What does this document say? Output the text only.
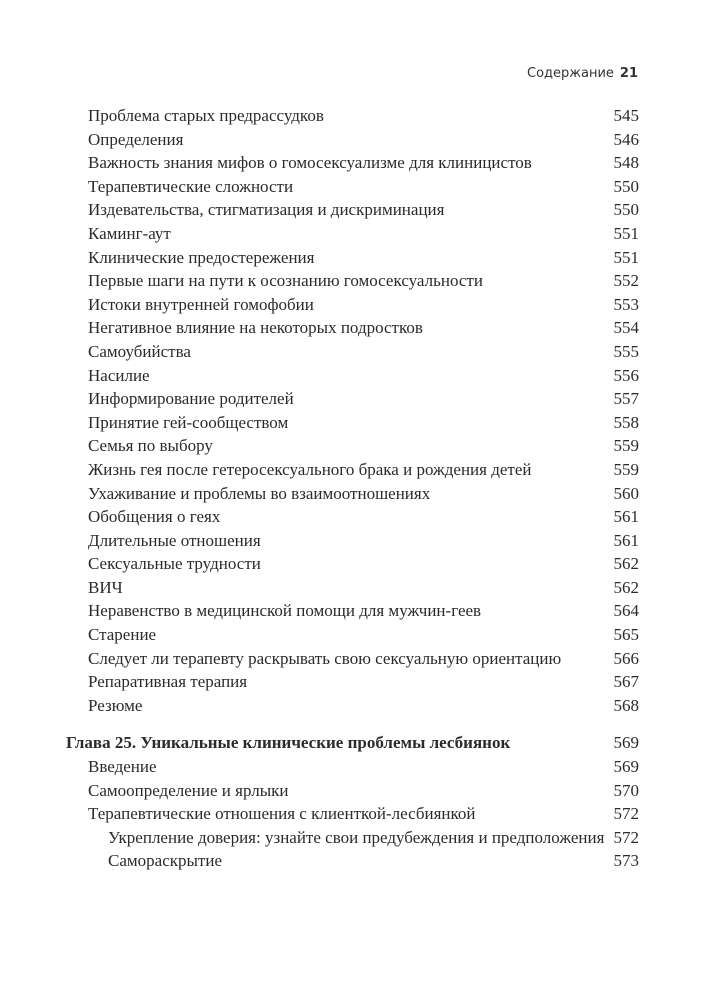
Содержание 21
Проблема старых предрассудков	545
Определения	546
Важность знания мифов о гомосексуализме для клиницистов	548
Терапевтические сложности	550
Издевательства, стигматизация и дискриминация	550
Каминг-аут	551
Клинические предостережения	551
Первые шаги на пути к осознанию гомосексуальности	552
Истоки внутренней гомофобии	553
Негативное влияние на некоторых подростков	554
Самоубийства	555
Насилие	556
Информирование родителей	557
Принятие гей-сообществом	558
Семья по выбору	559
Жизнь гея после гетеросексуального брака и рождения детей	559
Ухаживание и проблемы во взаимоотношениях	560
Обобщения о геях	561
Длительные отношения	561
Сексуальные трудности	562
ВИЧ	562
Неравенство в медицинской помощи для мужчин-геев	564
Старение	565
Следует ли терапевту раскрывать свою сексуальную ориентацию	566
Репаративная терапия	567
Резюме	568
Глава 25. Уникальные клинические проблемы лесбиянок	569
Введение	569
Самоопределение и ярлыки	570
Терапевтические отношения с клиенткой-лесбиянкой	572
Укрепление доверия: узнайте свои предубеждения и предположения 572
Самораскрытие	573
